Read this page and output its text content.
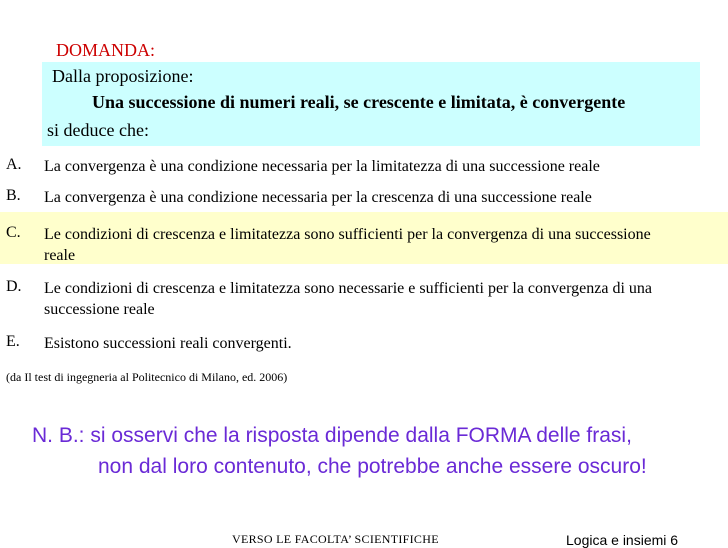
DOMANDA:
Dalla proposizione:
Una successione di numeri reali, se crescente e limitata, è convergente
si deduce che:
A. La convergenza è una condizione necessaria per la limitatezza di una successione reale
B. La convergenza è una condizione necessaria per la crescenza di una successione reale
C. Le condizioni di crescenza e limitatezza sono sufficienti per la convergenza di una successione reale
D. Le condizioni di crescenza e limitatezza sono necessarie e sufficienti per la convergenza di una successione reale
E. Esistono successioni reali convergenti.
(da Il test di ingegneria al Politecnico di Milano, ed. 2006)
N. B.: si osservi che la risposta dipende dalla FORMA delle frasi,
non dal loro contenuto, che potrebbe anche essere oscuro!
VERSO LE FACOLTA’ SCIENTIFICHE	Logica e insiemi 6
